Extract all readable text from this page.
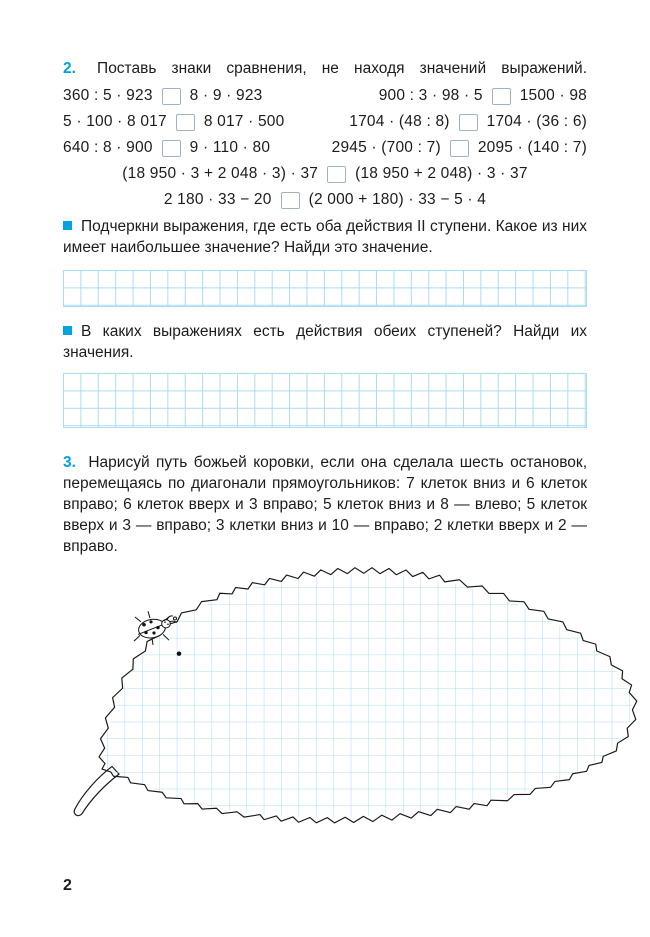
2. Поставь знаки сравнения, не находя значений выражений.

360 : 5 · 923 8 · 9 · 923	900 : 3 · 98 · 5 1500 · 98
5 · 100 · 8 017 8 017 · 500	1704 · (48 : 8) 1704 · (36 : 6)
640 : 8 · 900 9 · 110 · 80	2945 · (700 : 7) 2095 · (140 : 7)
(18 950 · 3 + 2 048 · 3) · 37 (18 950 + 2 048) · 3 · 37
2 180 · 33 − 20 (2 000 + 180) · 33 − 5 · 4

Подчеркни выражения, где есть оба действия II ступени. Какое из них имеет наибольшее значение? Найди это значение.

В каких выражениях есть действия обеих ступеней? Найди их значения.

3. Нарисуй путь божьей коровки, если она сделала шесть остановок, перемещаясь по диагонали прямоугольников: 7 клеток вниз и 6 клеток вправо; 6 клеток вверх и 3 вправо; 5 клеток вниз и 8 — влево; 5 клеток вверх и 3 — вправо; 3 клетки вниз и 10 — вправо; 2 клетки вверх и 2 — вправо.

2
